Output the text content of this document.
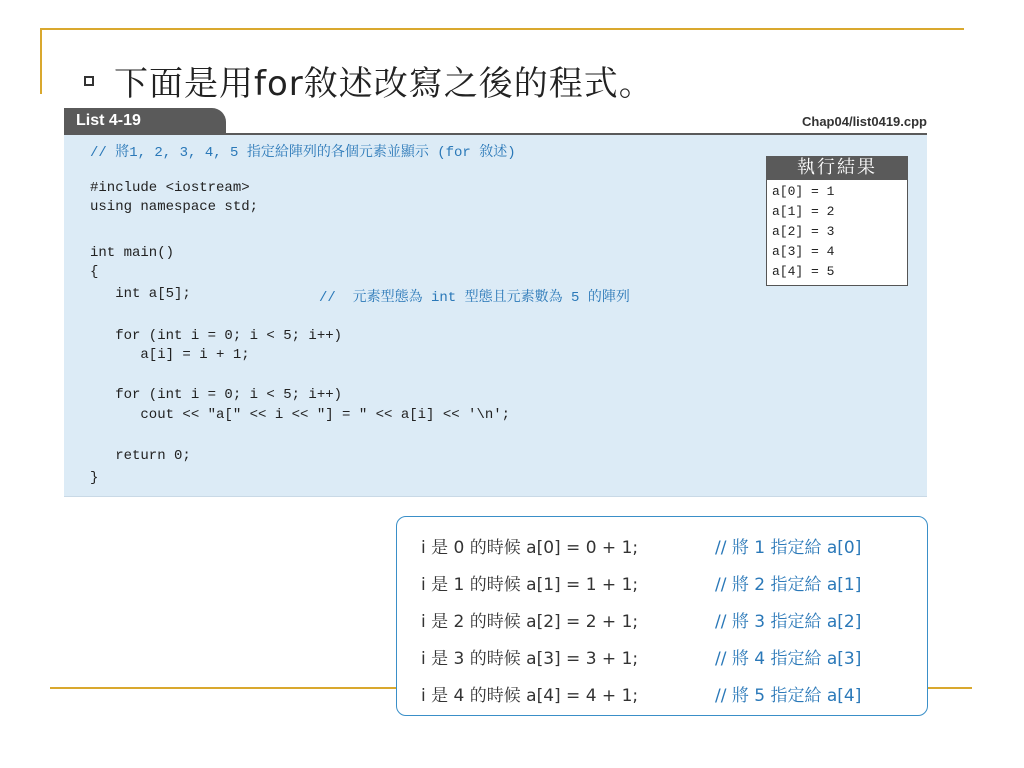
下面是用for敘述改寫之後的程式。
List 4-19	Chap04/list0419.cpp
// 將1, 2, 3, 4, 5 指定給陣列的各個元素並顯示 (for 敘述)
#include <iostream>
using namespace std;
int main()
{
int a[5];	//  元素型態為 int 型態且元素數為 5 的陣列
for (int i = 0; i < 5; i++)
a[i] = i + 1;
for (int i = 0; i < 5; i++)
cout << "a[" << i << "] = " << a[i] << '\n';
return 0;
}
執行結果
a[0] = 1
a[1] = 2
a[2] = 3
a[3] = 4
a[4] = 5
i 是 0 的時候 a[0] = 0 + 1;	// 將 1 指定給 a[0]
i 是 1 的時候 a[1] = 1 + 1;	// 將 2 指定給 a[1]
i 是 2 的時候 a[2] = 2 + 1;	// 將 3 指定給 a[2]
i 是 3 的時候 a[3] = 3 + 1;	// 將 4 指定給 a[3]
i 是 4 的時候 a[4] = 4 + 1;	// 將 5 指定給 a[4]
